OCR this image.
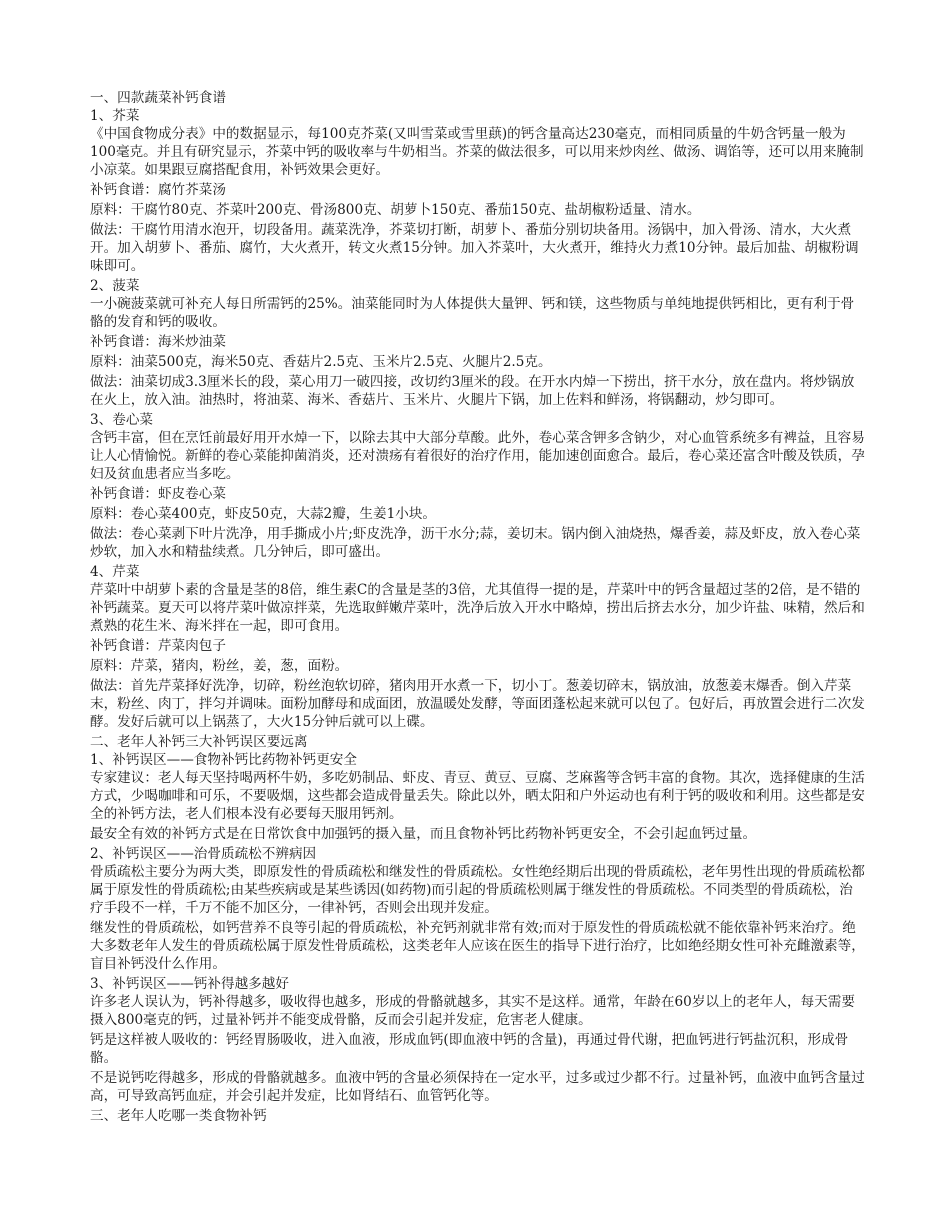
一、四款蔬菜补钙食谱

1、芥菜

《中国食物成分表》中的数据显示，每100克芥菜(又叫雪菜或雪里蕻)的钙含量高达230毫克，而相同质量的牛奶含钙量一般为100毫克。并且有研究显示，芥菜中钙的吸收率与牛奶相当。芥菜的做法很多，可以用来炒肉丝、做汤、调馅等，还可以用来腌制小凉菜。如果跟豆腐搭配食用，补钙效果会更好。

补钙食谱：腐竹芥菜汤

原料：干腐竹80克、芥菜叶200克、骨汤800克、胡萝卜150克、番茄150克、盐胡椒粉适量、清水。

做法：干腐竹用清水泡开，切段备用。蔬菜洗净，芥菜切打断，胡萝卜、番茄分别切块备用。汤锅中，加入骨汤、清水，大火煮开。加入胡萝卜、番茄、腐竹，大火煮开，转文火煮15分钟。加入芥菜叶，大火煮开，维持火力煮10分钟。最后加盐、胡椒粉调味即可。

2、菠菜

一小碗菠菜就可补充人每日所需钙的25%。油菜能同时为人体提供大量钾、钙和镁，这些物质与单纯地提供钙相比，更有利于骨骼的发育和钙的吸收。

补钙食谱：海米炒油菜

原料：油菜500克，海米50克、香菇片2.5克、玉米片2.5克、火腿片2.5克。

做法：油菜切成3.3厘米长的段，菜心用刀一破四接，改切约3厘米的段。在开水内焯一下捞出，挤干水分，放在盘内。将炒锅放在火上，放入油。油热时，将油菜、海米、香菇片、玉米片、火腿片下锅，加上佐料和鲜汤，将锅翻动，炒匀即可。

3、卷心菜

含钙丰富，但在烹饪前最好用开水焯一下，以除去其中大部分草酸。此外，卷心菜含钾多含钠少，对心血管系统多有裨益，且容易让人心情愉悦。新鲜的卷心菜能抑菌消炎，还对溃疡有着很好的治疗作用，能加速创面愈合。最后，卷心菜还富含叶酸及铁质，孕妇及贫血患者应当多吃。

补钙食谱：虾皮卷心菜

原料：卷心菜400克，虾皮50克，大蒜2瓣，生姜1小块。

做法：卷心菜剥下叶片洗净，用手撕成小片;虾皮洗净，沥干水分;蒜，姜切末。锅内倒入油烧热，爆香姜，蒜及虾皮，放入卷心菜炒软，加入水和精盐续煮。几分钟后，即可盛出。

4、芹菜

芹菜叶中胡萝卜素的含量是茎的8倍，维生素C的含量是茎的3倍，尤其值得一提的是，芹菜叶中的钙含量超过茎的2倍，是不错的补钙蔬菜。夏天可以将芹菜叶做凉拌菜，先选取鲜嫩芹菜叶，洗净后放入开水中略焯，捞出后挤去水分，加少许盐、味精，然后和煮熟的花生米、海米拌在一起，即可食用。

补钙食谱：芹菜肉包子

原料：芹菜，猪肉，粉丝，姜，葱，面粉。

做法：首先芹菜择好洗净，切碎，粉丝泡软切碎，猪肉用开水煮一下，切小丁。葱姜切碎末，锅放油，放葱姜末爆香。倒入芹菜末，粉丝、肉丁，拌匀并调味。面粉加酵母和成面团，放温暖处发酵，等面团蓬松起来就可以包了。包好后，再放置会进行二次发酵。发好后就可以上锅蒸了，大火15分钟后就可以上碟。

二、老年人补钙三大补钙误区要远离

1、补钙误区——食物补钙比药物补钙更安全

专家建议：老人每天坚持喝两杯牛奶，多吃奶制品、虾皮、青豆、黄豆、豆腐、芝麻酱等含钙丰富的食物。其次，选择健康的生活方式，少喝咖啡和可乐，不要吸烟，这些都会造成骨量丢失。除此以外，晒太阳和户外运动也有利于钙的吸收和利用。这些都是安全的补钙方法，老人们根本没有必要每天服用钙剂。

最安全有效的补钙方式是在日常饮食中加强钙的摄入量，而且食物补钙比药物补钙更安全，不会引起血钙过量。

2、补钙误区——治骨质疏松不辨病因

骨质疏松主要分为两大类，即原发性的骨质疏松和继发性的骨质疏松。女性绝经期后出现的骨质疏松，老年男性出现的骨质疏松都属于原发性的骨质疏松;由某些疾病或是某些诱因(如药物)而引起的骨质疏松则属于继发性的骨质疏松。不同类型的骨质疏松，治疗手段不一样，千万不能不加区分，一律补钙，否则会出现并发症。

继发性的骨质疏松，如钙营养不良等引起的骨质疏松，补充钙剂就非常有效;而对于原发性的骨质疏松就不能依靠补钙来治疗。绝大多数老年人发生的骨质疏松属于原发性骨质疏松，这类老年人应该在医生的指导下进行治疗，比如绝经期女性可补充雌激素等，盲目补钙没什么作用。

3、补钙误区——钙补得越多越好

许多老人误认为，钙补得越多，吸收得也越多，形成的骨骼就越多，其实不是这样。通常，年龄在60岁以上的老年人，每天需要摄入800毫克的钙，过量补钙并不能变成骨骼，反而会引起并发症，危害老人健康。

钙是这样被人吸收的：钙经胃肠吸收，进入血液，形成血钙(即血液中钙的含量)，再通过骨代谢，把血钙进行钙盐沉积，形成骨骼。

不是说钙吃得越多，形成的骨骼就越多。血液中钙的含量必须保持在一定水平，过多或过少都不行。过量补钙，血液中血钙含量过高，可导致高钙血症，并会引起并发症，比如肾结石、血管钙化等。

三、老年人吃哪一类食物补钙
